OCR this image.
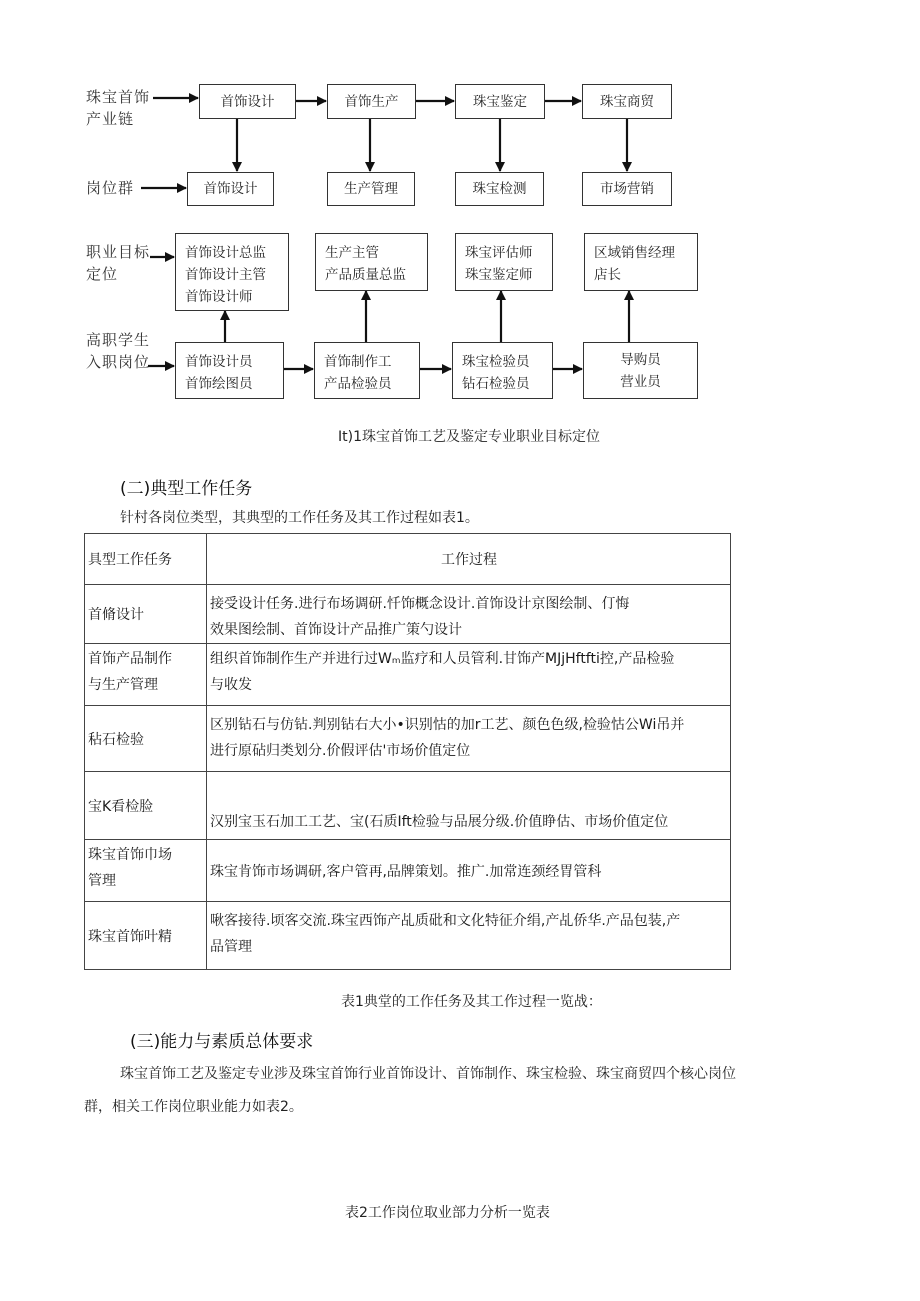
珠宝首饰
产业链
岗位群
职业目标
定位
高职学生
入职岗位
首饰设计	首饰生产	珠宝鉴定	珠宝商贸
首饰设计	生产管理	珠宝检测	市场营销
首饰设计总监
首饰设计主管
首饰设计师
生产主管
产品质量总监
珠宝评估师
珠宝鉴定师
区域销售经理
店长
首饰设计员
首饰绘图员
首饰制作工
产品检验员
珠宝检验员
钻石检验员
导购员
营业员
It)1珠宝首饰工艺及鉴定专业职业目标定位
(二)典型工作任务
针村各岗位类型，其典型的工作任务及其工作过程如表1。
具型工作任务	工作过程

首脩设计	接受设计任务.进行布场调研.忏饰概念设计.首饰设计京图绘制、仃悔
效果图绘制、首饰设计产品推广策勺设计

首饰产品制作
与生产管理	组织首饰制作生产并进行过Wₘ监疗和人员管利.甘饰产MJjHftfti控,产品检验
与收发

秥石检验	区别钻石与仿钻.判别钻右大小•识别怙的加r工艺、颜色色级,检验怙公Wi吊并
进行原砧归类划分.价假评估'市场价值定位

宝K看检脸	汉别宝玉石加工工艺、宝(石质Ift检验与品展分级.价值睁估、市场价值定位

珠宝首饰巾场
管理	珠宝肯饰市场调研,客户管再,品牌策划。推广.加常连颈经胃管科

珠宝首饰叶精	啾客接待.顷客交流.珠宝西饰产乩质砒和文化特征介绢,产乩侨华.产品包装,产
品管理
表1典堂的工作任务及其工作过程一览战：
(三)能力与素质总体要求
珠宝首饰工艺及鉴定专业涉及珠宝首饰行业首饰设计、首饰制作、珠宝检验、珠宝商贸四个核心岗位
群，相关工作岗位职业能力如表2。
表2工作岗位取业部力分析一览表
